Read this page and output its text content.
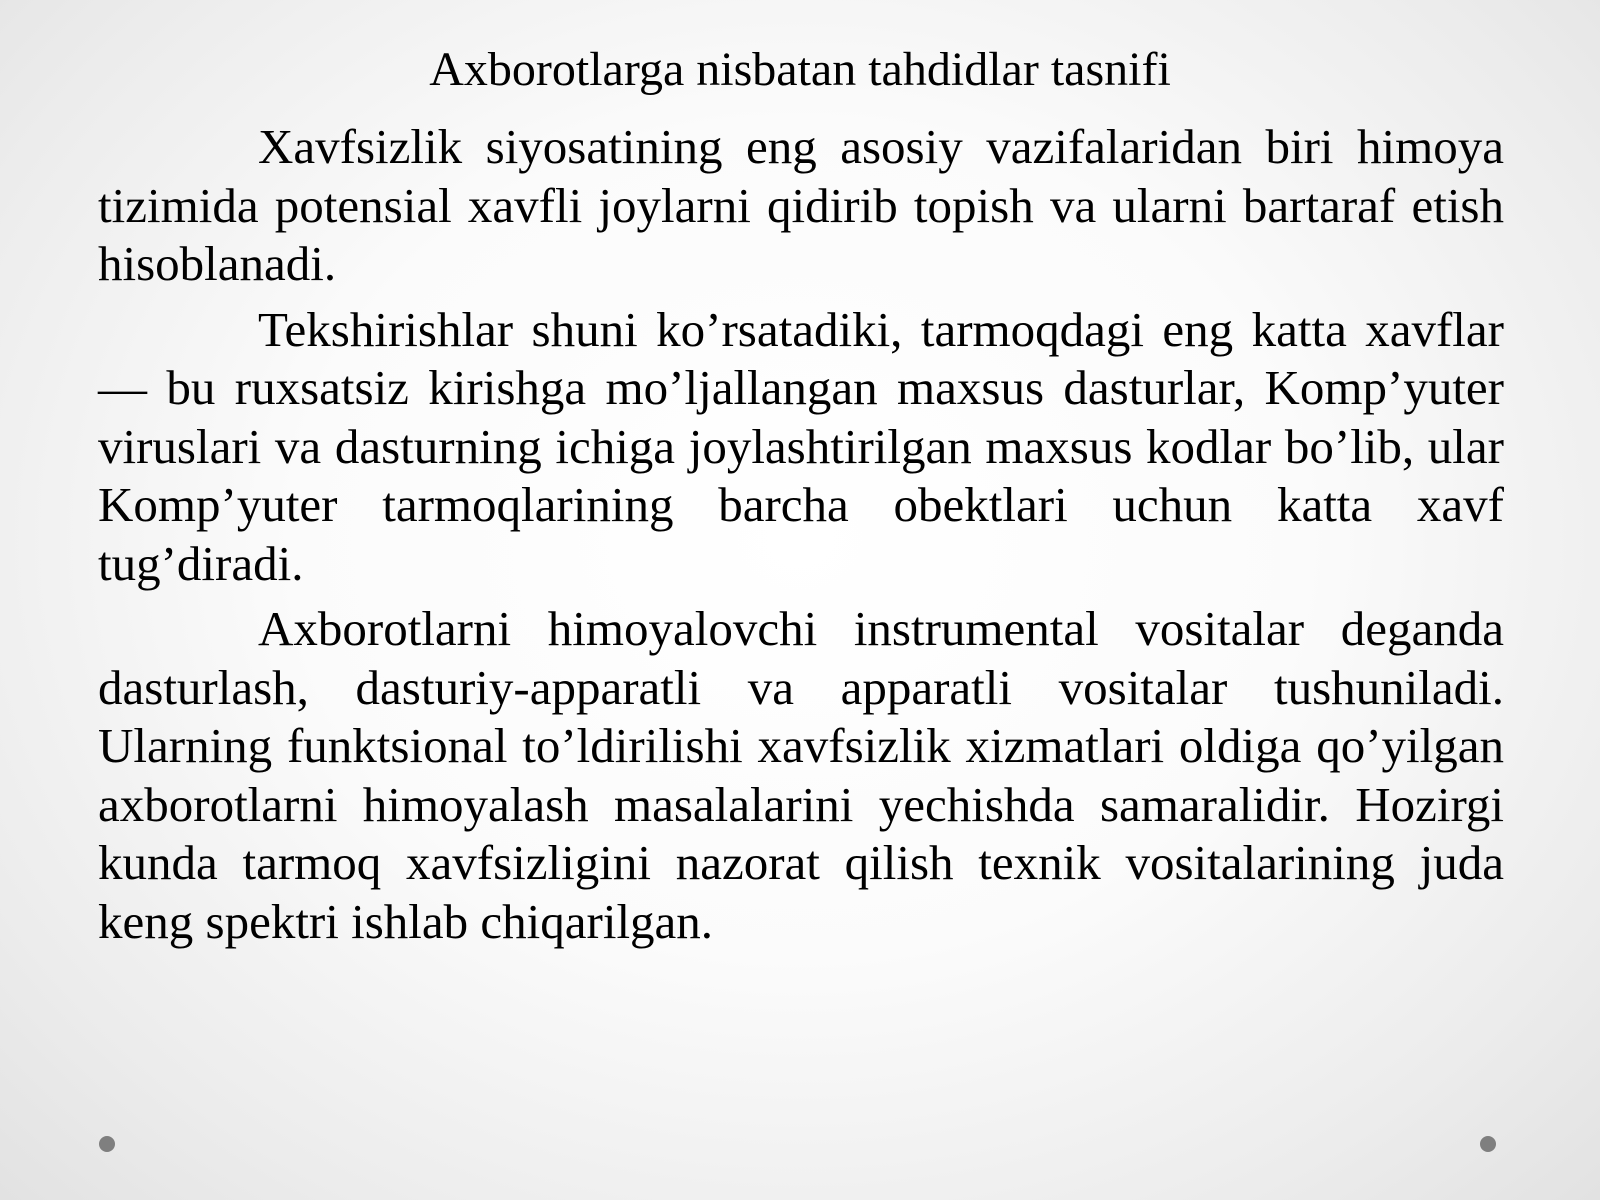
Axborotlarga nisbatan tahdidlar tasnifi

Xavfsizlik siyosatining eng asosiy vazifalaridan biri himoya tizimida potensial xavfli joylarni qidirib topish va ularni bartaraf etish hisoblanadi.

Tekshirishlar shuni ko’rsatadiki, tarmoqdagi eng katta xavflar — bu ruxsatsiz kirishga mo’ljallangan maxsus dasturlar, Komp’yuter viruslari va dasturning ichiga joylashtirilgan maxsus kodlar bo’lib, ular Komp’yuter tarmoqlarining barcha obektlari uchun katta xavf tug’diradi.

Axborotlarni himoyalovchi instrumental vositalar deganda dasturlash, dasturiy-apparatli va apparatli vositalar tushuniladi. Ularning funktsional to’ldirilishi xavfsizlik xizmatlari oldiga qo’yilgan axborotlarni himoyalash masalalarini yechishda samaralidir. Hozirgi kunda tarmoq xavfsizligini nazorat qilish texnik vositalarining juda keng spektri ishlab chiqarilgan.
